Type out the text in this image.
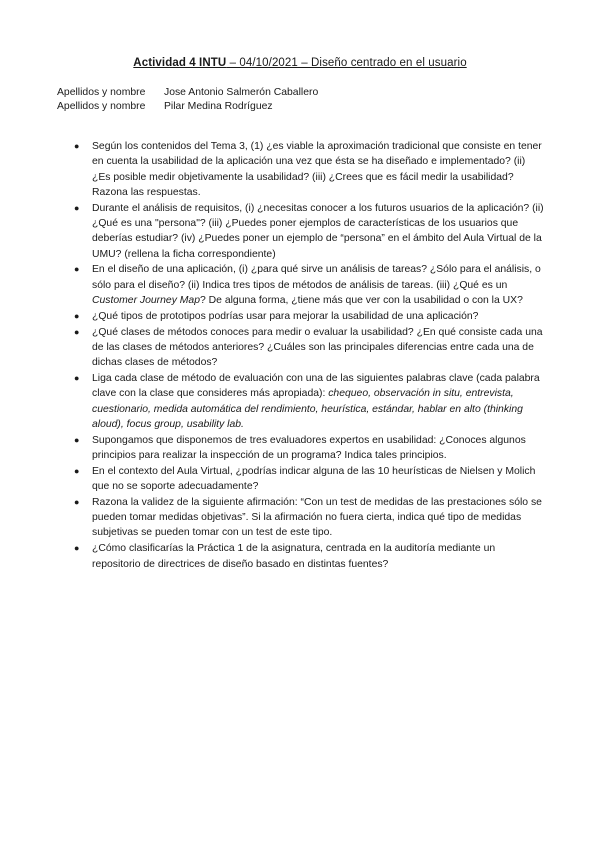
Actividad 4 INTU – 04/10/2021 – Diseño centrado en el usuario
Apellidos y nombre	Jose Antonio Salmerón Caballero
Apellidos y nombre	Pilar Medina Rodríguez
● Según los contenidos del Tema 3, (1) ¿es viable la aproximación tradicional que consiste en tener en cuenta la usabilidad de la aplicación una vez que ésta se ha diseñado e implementado? (ii) ¿Es posible medir objetivamente la usabilidad? (iii) ¿Crees que es fácil medir la usabilidad? Razona las respuestas.
● Durante el análisis de requisitos, (i) ¿necesitas conocer a los futuros usuarios de la aplicación? (ii) ¿Qué es una "persona"? (iii) ¿Puedes poner ejemplos de características de los usuarios que deberías estudiar? (iv) ¿Puedes poner un ejemplo de “persona” en el ámbito del Aula Virtual de la UMU? (rellena la ficha correspondiente)
● En el diseño de una aplicación, (i) ¿para qué sirve un análisis de tareas? ¿Sólo para el análisis, o sólo para el diseño? (ii) Indica tres tipos de métodos de análisis de tareas. (iii) ¿Qué es un Customer Journey Map? De alguna forma, ¿tiene más que ver con la usabilidad o con la UX?
● ¿Qué tipos de prototipos podrías usar para mejorar la usabilidad de una aplicación?
● ¿Qué clases de métodos conoces para medir o evaluar la usabilidad? ¿En qué consiste cada una de las clases de métodos anteriores? ¿Cuáles son las principales diferencias entre cada una de dichas clases de métodos?
● Liga cada clase de método de evaluación con una de las siguientes palabras clave (cada palabra clave con la clase que consideres más apropiada): chequeo, observación in situ, entrevista, cuestionario, medida automática del rendimiento, heurística, estándar, hablar en alto (thinking aloud), focus group, usability lab.
● Supongamos que disponemos de tres evaluadores expertos en usabilidad: ¿Conoces algunos principios para realizar la inspección de un programa? Indica tales principios.
● En el contexto del Aula Virtual, ¿podrías indicar alguna de las 10 heurísticas de Nielsen y Molich que no se soporte adecuadamente?
● Razona la validez de la siguiente afirmación: “Con un test de medidas de las prestaciones sólo se pueden tomar medidas objetivas”. Si la afirmación no fuera cierta, indica qué tipo de medidas subjetivas se pueden tomar con un test de este tipo.
● ¿Cómo clasificarías la Práctica 1 de la asignatura, centrada en la auditoría mediante un repositorio de directrices de diseño basado en distintas fuentes?
